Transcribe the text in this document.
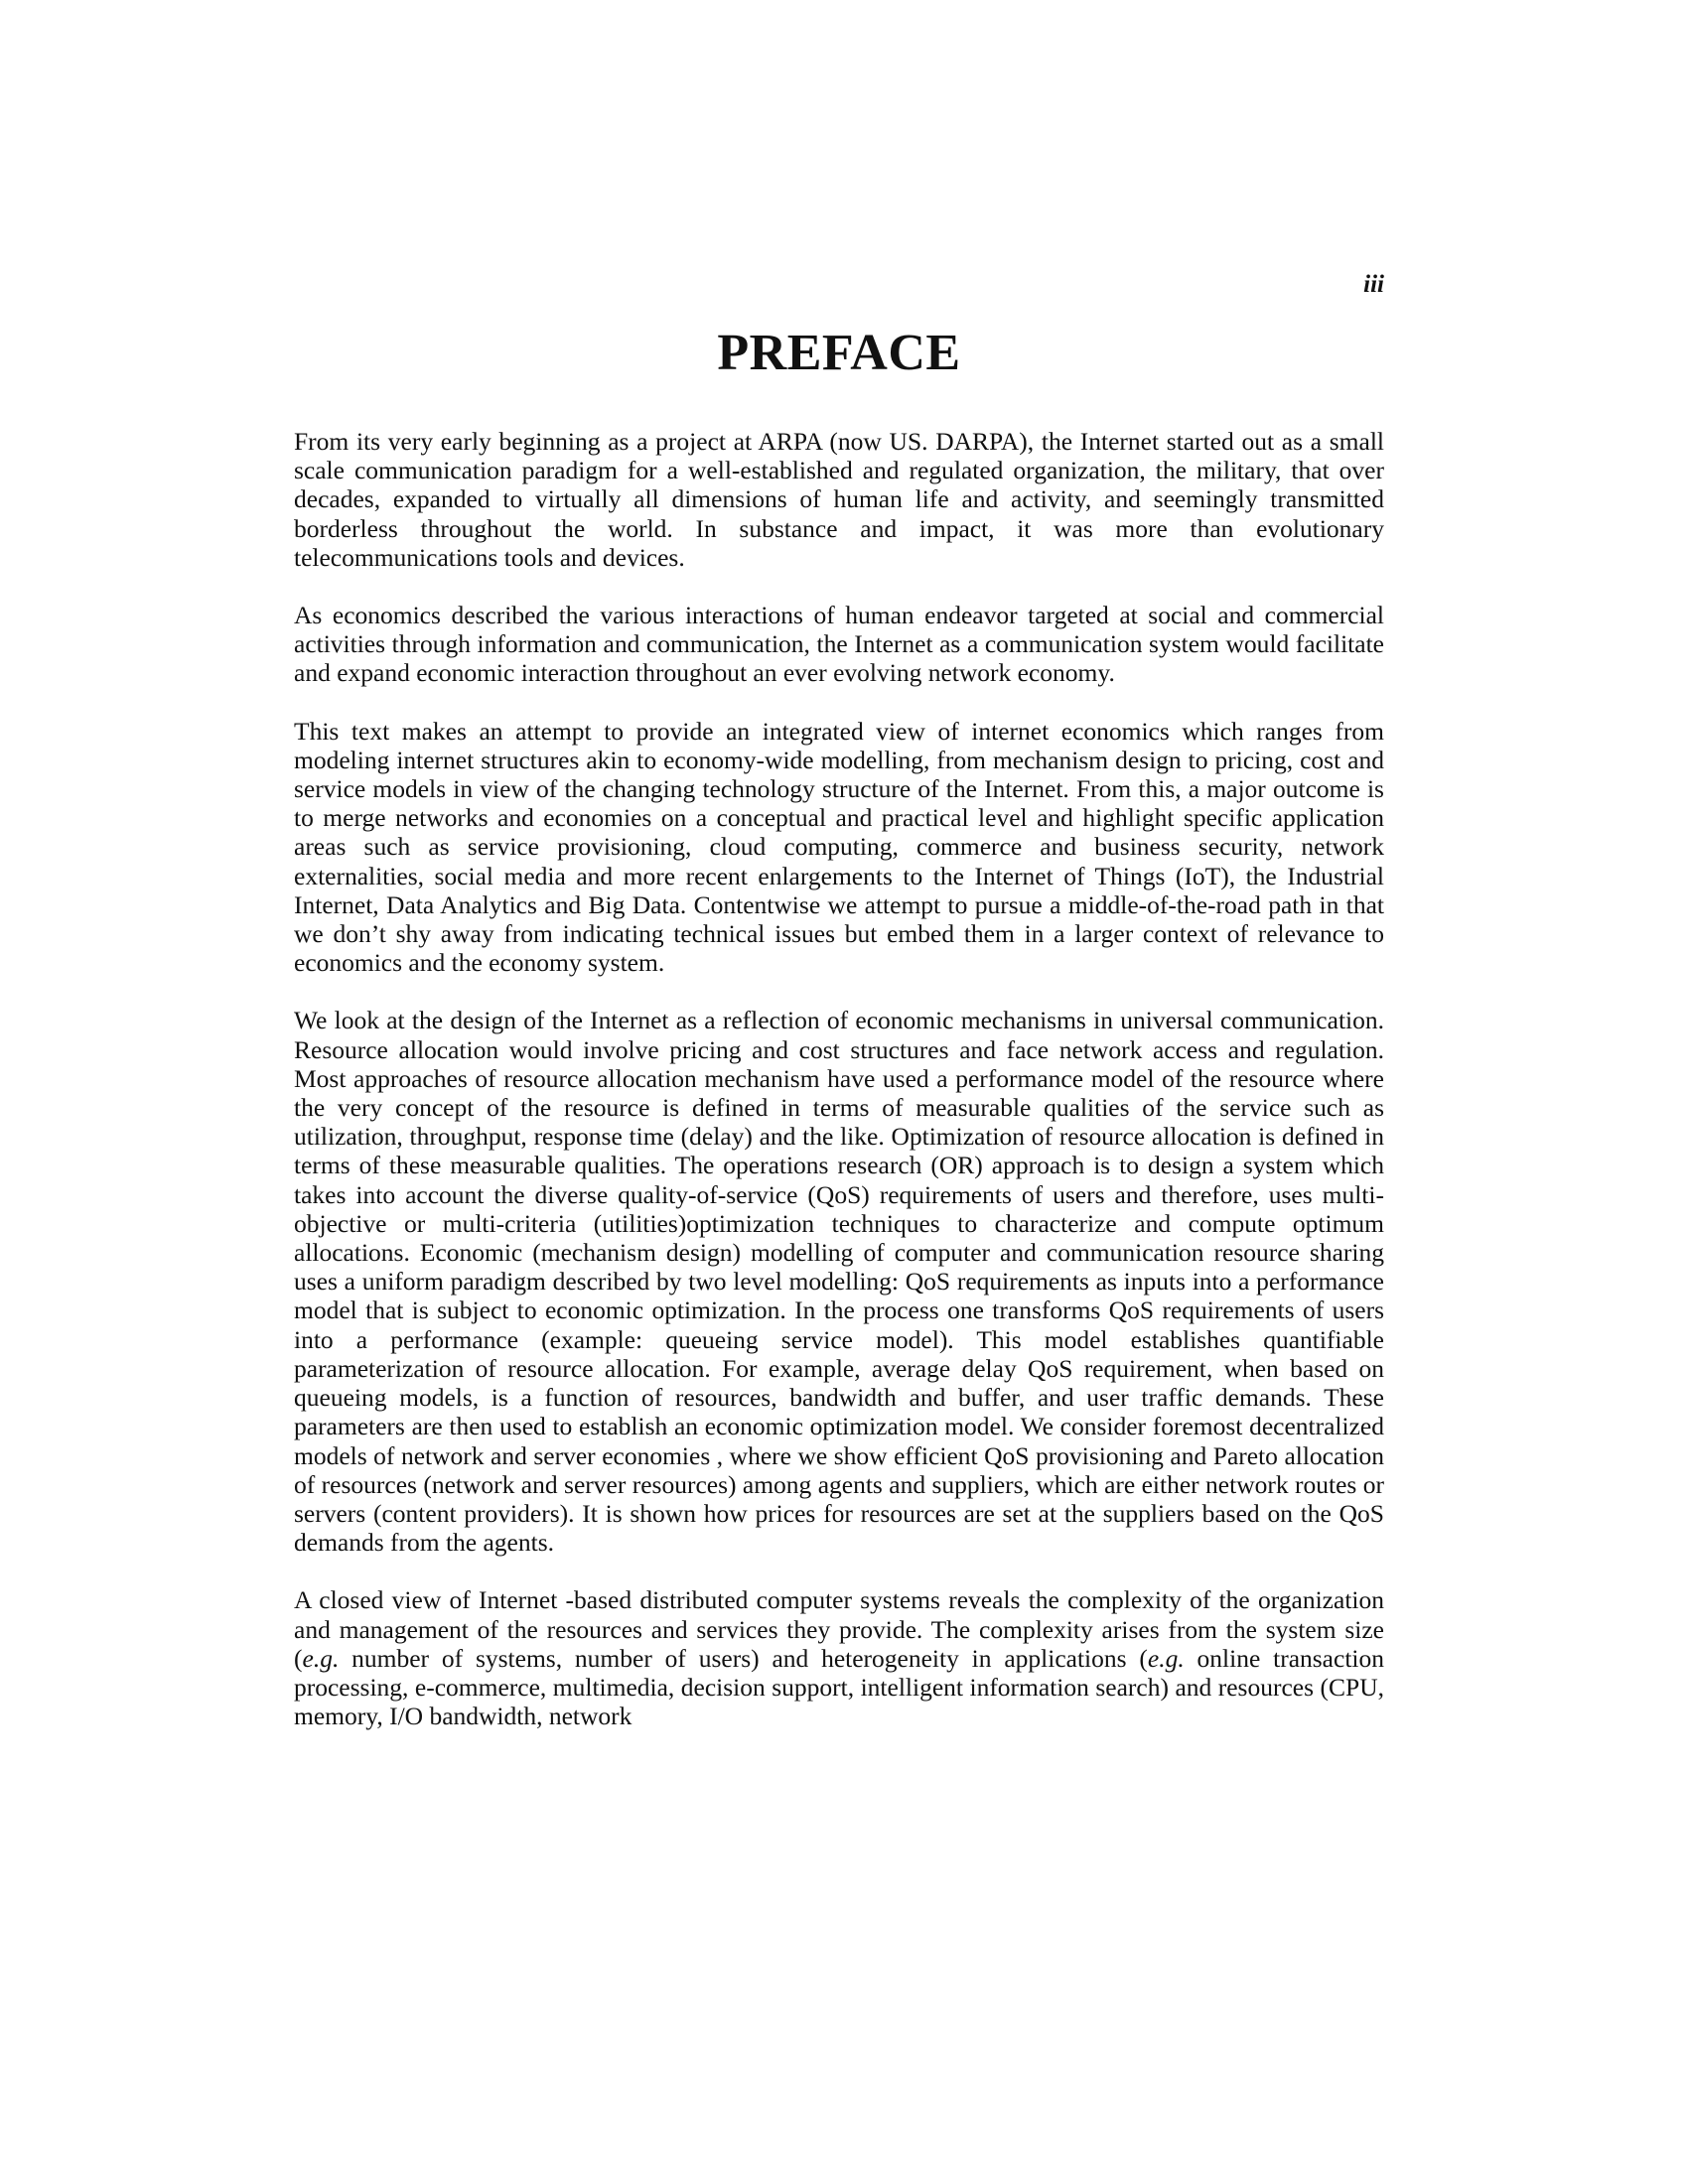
iii
PREFACE

From its very early beginning as a project at ARPA (now US. DARPA), the Internet started out as a small scale communication paradigm for a well-established and regulated organization, the military, that over decades, expanded to virtually all dimensions of human life and activity, and seemingly transmitted borderless throughout the world. In substance and impact, it was more than evolutionary telecommunications tools and devices.

As economics described the various interactions of human endeavor targeted at social and commercial activities through information and communication, the Internet as a communication system would facilitate and expand economic interaction throughout an ever evolving network economy.

This text makes an attempt to provide an integrated view of internet economics which ranges from modeling internet structures akin to economy-wide modelling, from mechanism design to pricing, cost and service models in view of the changing technology structure of the Internet. From this, a major outcome is to merge networks and economies on a conceptual and practical level and highlight specific application areas such as service provisioning, cloud computing, commerce and business security, network externalities, social media and more recent enlargements to the Internet of Things (IoT), the Industrial Internet, Data Analytics and Big Data. Contentwise we attempt to pursue a middle-of-the-road path in that we don’t shy away from indicating technical issues but embed them in a larger context of relevance to economics and the economy system.

We look at the design of the Internet as a reflection of economic mechanisms in universal communication. Resource allocation would involve pricing and cost structures and face network access and regulation. Most approaches of resource allocation mechanism have used a performance model of the resource where the very concept of the resource is defined in terms of measurable qualities of the service such as utilization, throughput, response time (delay) and the like. Optimization of resource allocation is defined in terms of these measurable qualities. The operations research (OR) approach is to design a system which takes into account the diverse quality-of-service (QoS) requirements of users and therefore, uses multi-objective or multi-criteria (utilities)optimization techniques to characterize and compute optimum allocations. Economic (mechanism design) modelling of computer and communication resource sharing uses a uniform paradigm described by two level modelling: QoS requirements as inputs into a performance model that is subject to economic optimization. In the process one transforms QoS requirements of users into a performance (example: queueing service model). This model establishes quantifiable parameterization of resource allocation. For example, average delay QoS requirement, when based on queueing models, is a function of resources, bandwidth and buffer, and user traffic demands. These parameters are then used to establish an economic optimization model. We consider foremost decentralized models of network and server economies , where we show efficient QoS provisioning and Pareto allocation of resources (network and server resources) among agents and suppliers, which are either network routes or servers (content providers). It is shown how prices for resources are set at the suppliers based on the QoS demands from the agents.

A closed view of Internet -based distributed computer systems reveals the complexity of the organization and management of the resources and services they provide. The complexity arises from the system size (e.g. number of systems, number of users) and heterogeneity in applications (e.g. online transaction processing, e-commerce, multimedia, decision support, intelligent information search) and resources (CPU, memory, I/O bandwidth, network
